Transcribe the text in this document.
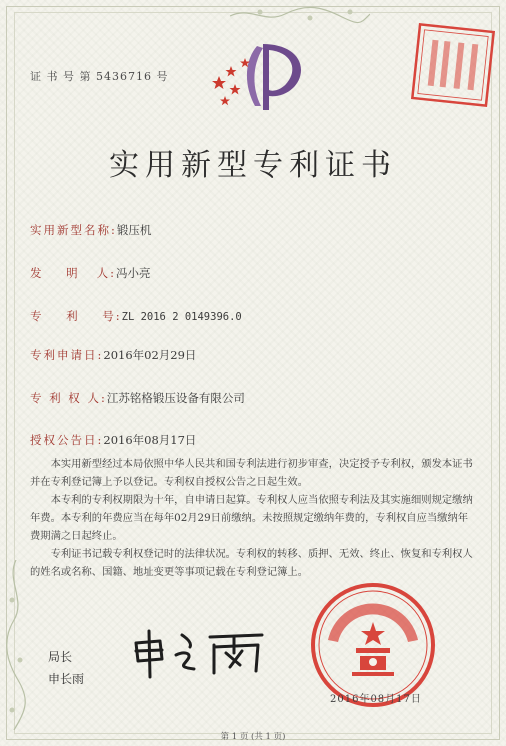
证 书 号 第 5436716 号
实用新型专利证书
实用新型名称:锻压机
发    明   人:冯小亮
专    利    号:ZL 2016 2 0149396.0
专利申请日:2016年02月29日
专 利 权 人:江苏铭格锻压设备有限公司
授权公告日:2016年08月17日

本实用新型经过本局依照中华人民共和国专利法进行初步审查，决定授予专利权，颁发本证书并在专利登记簿上予以登记。专利权自授权公告之日起生效。

本专利的专利权期限为十年，自申请日起算。专利权人应当依照专利法及其实施细则规定缴纳年费。本专利的年费应当在每年02月29日前缴纳。未按照规定缴纳年费的，专利权自应当缴纳年费期满之日起终止。

专利证书记载专利权登记时的法律状况。专利权的转移、质押、无效、终止、恢复和专利权人的姓名或名称、国籍、地址变更等事项记载在专利登记簿上。

局长
申长雨
2016年08月17日
第 1 页 (共 1 页)
